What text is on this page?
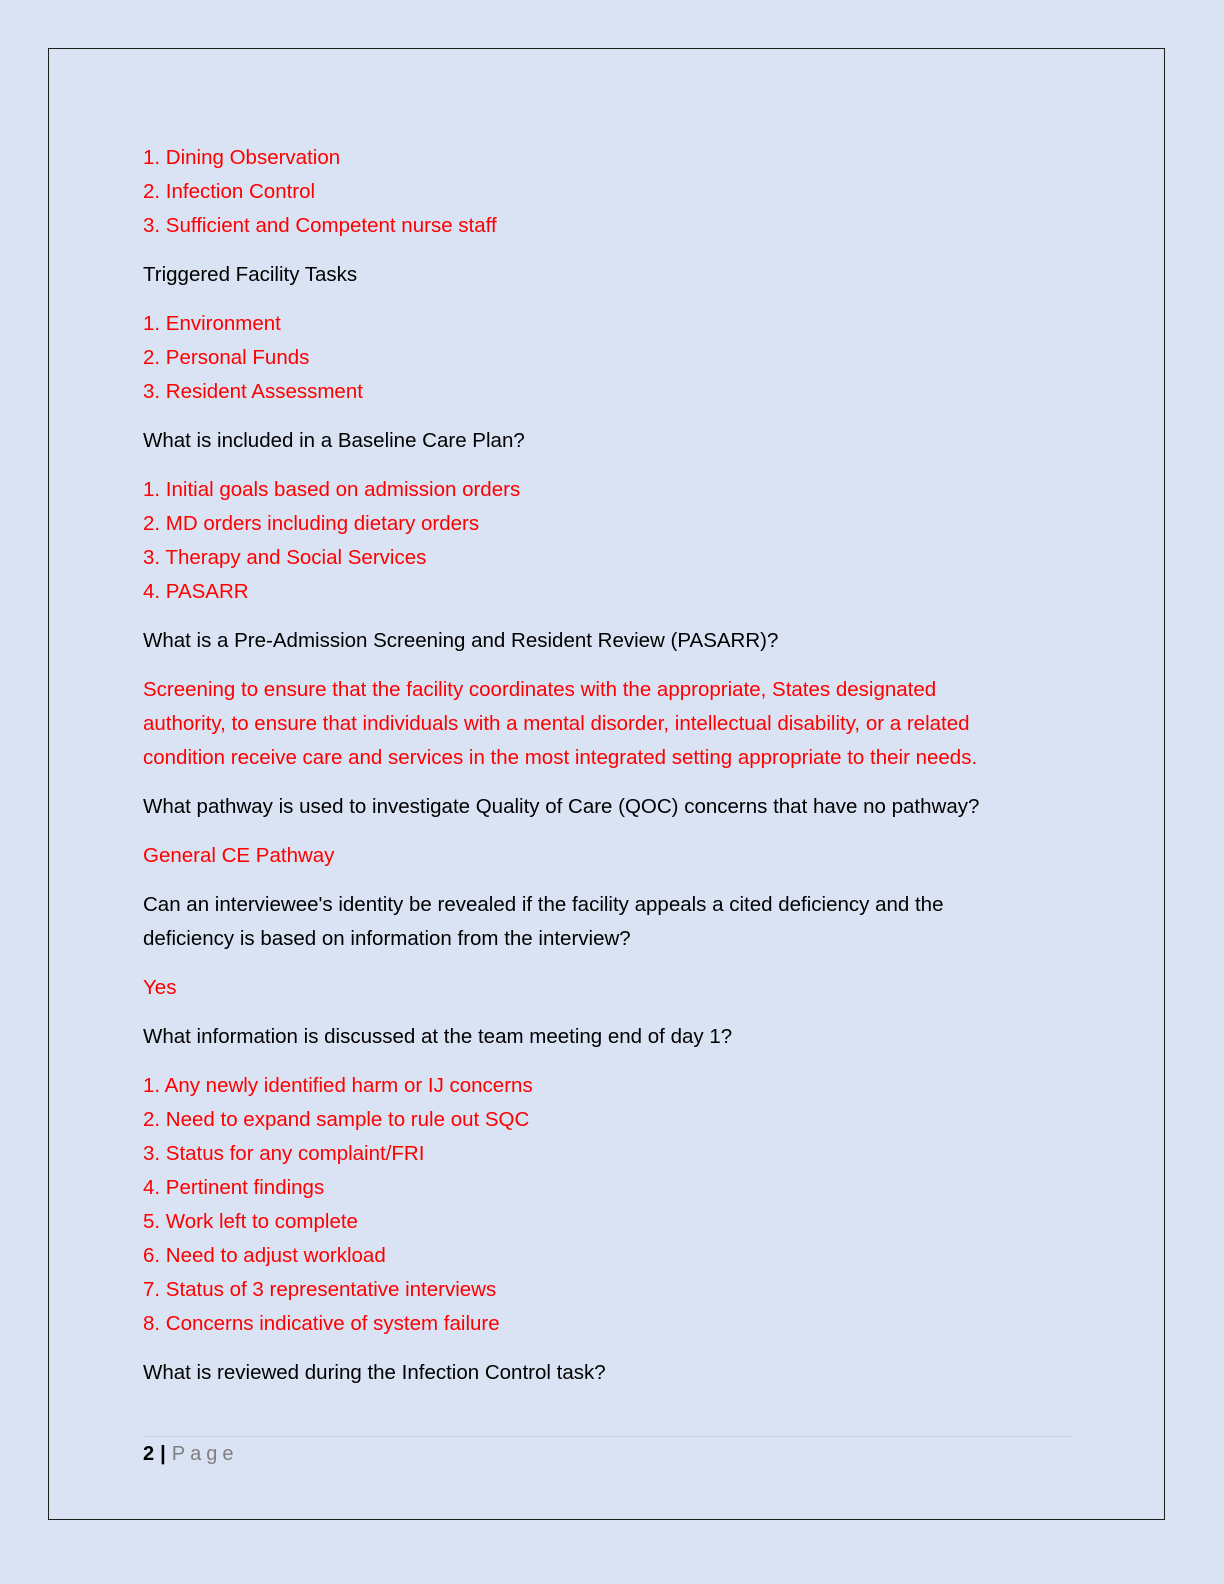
1. Dining Observation

2. Infection Control

3. Sufficient and Competent nurse staff

Triggered Facility Tasks

1. Environment

2. Personal Funds

3. Resident Assessment

What is included in a Baseline Care Plan?

1. Initial goals based on admission orders

2. MD orders including dietary orders

3. Therapy and Social Services

4. PASARR

What is a Pre-Admission Screening and Resident Review (PASARR)?

Screening to ensure that the facility coordinates with the appropriate, States designated

authority, to ensure that individuals with a mental disorder, intellectual disability, or a related

condition receive care and services in the most integrated setting appropriate to their needs.

What pathway is used to investigate Quality of Care (QOC) concerns that have no pathway?

General CE Pathway

Can an interviewee's identity be revealed if the facility appeals a cited deficiency and the

deficiency is based on information from the interview?

Yes

What information is discussed at the team meeting end of day 1?

1. Any newly identified harm or IJ concerns

2. Need to expand sample to rule out SQC

3. Status for any complaint/FRI

4. Pertinent findings

5. Work left to complete

6. Need to adjust workload

7. Status of 3 representative interviews

8. Concerns indicative of system failure

What is reviewed during the Infection Control task?

2 | Page
